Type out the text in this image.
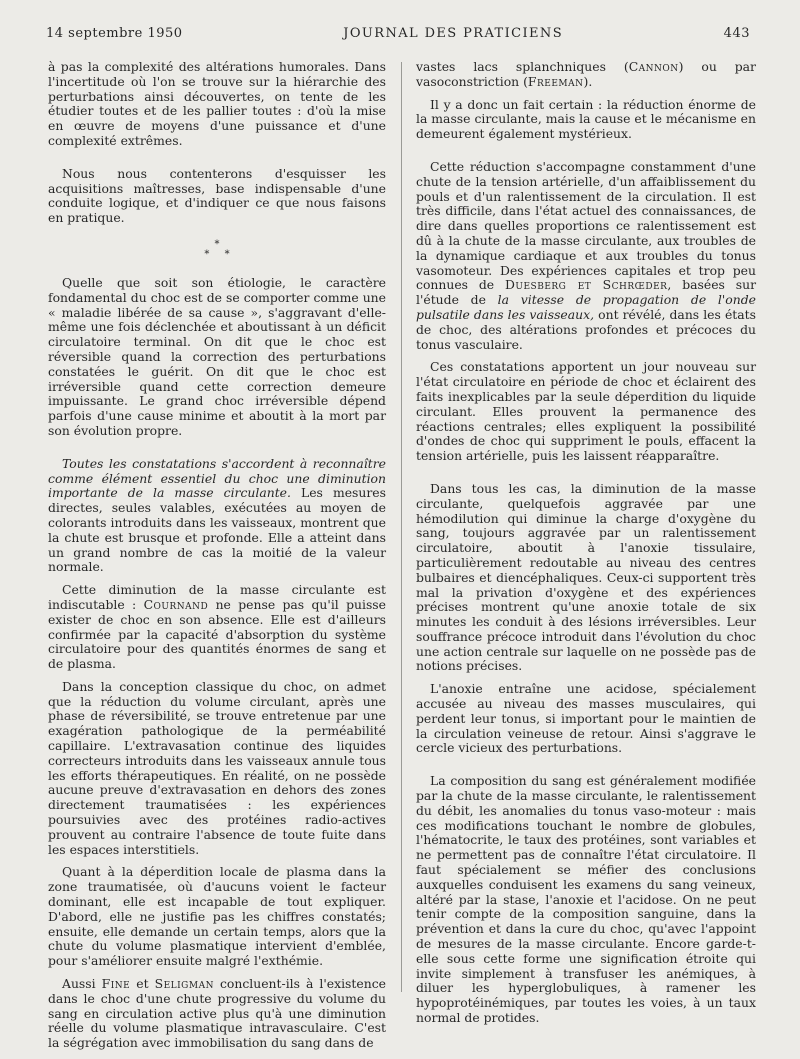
14 septembre 1950	JOURNAL DES PRATICIENS	443

à pas la complexité des altérations humorales. Dans l'incertitude où l'on se trouve sur la hiérarchie des perturbations ainsi découvertes, on tente de les étudier toutes et de les pallier toutes : d'où la mise en œuvre de moyens d'une puissance et d'une complexité extrêmes.

Nous nous contenterons d'esquisser les acquisitions maîtresses, base indispensable d'une conduite logique, et d'indiquer ce que nous faisons en pratique.

*
* *

Quelle que soit son étiologie, le caractère fondamental du choc est de se comporter comme une « maladie libérée de sa cause », s'aggravant d'elle-même une fois déclenchée et aboutissant à un déficit circulatoire terminal. On dit que le choc est réversible quand la correction des perturbations constatées le guérit. On dit que le choc est irréversible quand cette correction demeure impuissante. Le grand choc irréversible dépend parfois d'une cause minime et aboutit à la mort par son évolution propre.

Toutes les constatations s'accordent à reconnaître comme élément essentiel du choc une diminution importante de la masse circulante. Les mesures directes, seules valables, exécutées au moyen de colorants introduits dans les vaisseaux, montrent que la chute est brusque et profonde. Elle a atteint dans un grand nombre de cas la moitié de la valeur normale.

Cette diminution de la masse circulante est indiscutable : Cournand ne pense pas qu'il puisse exister de choc en son absence. Elle est d'ailleurs confirmée par la capacité d'absorption du système circulatoire pour des quantités énormes de sang et de plasma.

Dans la conception classique du choc, on admet que la réduction du volume circulant, après une phase de réversibilité, se trouve entretenue par une exagération pathologique de la perméabilité capillaire. L'extravasation continue des liquides correcteurs introduits dans les vaisseaux annule tous les efforts thérapeutiques. En réalité, on ne possède aucune preuve d'extravasation en dehors des zones directement traumatisées : les expériences poursuivies avec des protéines radio-actives prouvent au contraire l'absence de toute fuite dans les espaces interstitiels.

Quant à la déperdition locale de plasma dans la zone traumatisée, où d'aucuns voient le facteur dominant, elle est incapable de tout expliquer. D'abord, elle ne justifie pas les chiffres constatés; ensuite, elle demande un certain temps, alors que la chute du volume plasmatique intervient d'emblée, pour s'améliorer ensuite malgré l'exthémie.

Aussi Fine et Seligman concluent-ils à l'existence dans le choc d'une chute progressive du volume du sang en circulation active plus qu'à une diminution réelle du volume plasmatique intravasculaire. C'est la ségrégation avec immobilisation du sang dans de

vastes lacs splanchniques (Cannon) ou par vasoconstriction (Freeman).

Il y a donc un fait certain : la réduction énorme de la masse circulante, mais la cause et le mécanisme en demeurent également mystérieux.

Cette réduction s'accompagne constamment d'une chute de la tension artérielle, d'un affaiblissement du pouls et d'un ralentissement de la circulation. Il est très difficile, dans l'état actuel des connaissances, de dire dans quelles proportions ce ralentissement est dû à la chute de la masse circulante, aux troubles de la dynamique cardiaque et aux troubles du tonus vasomoteur. Des expériences capitales et trop peu connues de Duesberg et Schrœder, basées sur l'étude de la vitesse de propagation de l'onde pulsatile dans les vaisseaux, ont révélé, dans les états de choc, des altérations profondes et précoces du tonus vasculaire.

Ces constatations apportent un jour nouveau sur l'état circulatoire en période de choc et éclairent des faits inexplicables par la seule déperdition du liquide circulant. Elles prouvent la permanence des réactions centrales; elles expliquent la possibilité d'ondes de choc qui suppriment le pouls, effacent la tension artérielle, puis les laissent réapparaître.

Dans tous les cas, la diminution de la masse circulante, quelquefois aggravée par une hémodilution qui diminue la charge d'oxygène du sang, toujours aggravée par un ralentissement circulatoire, aboutit à l'anoxie tissulaire, particulièrement redoutable au niveau des centres bulbaires et diencéphaliques. Ceux-ci supportent très mal la privation d'oxygène et des expériences précises montrent qu'une anoxie totale de six minutes les conduit à des lésions irréversibles. Leur souffrance précoce introduit dans l'évolution du choc une action centrale sur laquelle on ne possède pas de notions précises.

L'anoxie entraîne une acidose, spécialement accusée au niveau des masses musculaires, qui perdent leur tonus, si important pour le maintien de la circulation veineuse de retour. Ainsi s'aggrave le cercle vicieux des perturbations.

La composition du sang est généralement modifiée par la chute de la masse circulante, le ralentissement du débit, les anomalies du tonus vaso-moteur : mais ces modifications touchant le nombre de globules, l'hématocrite, le taux des protéines, sont variables et ne permettent pas de connaître l'état circulatoire. Il faut spécialement se méfier des conclusions auxquelles conduisent les examens du sang veineux, altéré par la stase, l'anoxie et l'acidose. On ne peut tenir compte de la composition sanguine, dans la prévention et dans la cure du choc, qu'avec l'appoint de mesures de la masse circulante. Encore garde-t-elle sous cette forme une signification étroite qui invite simplement à transfuser les anémiques, à diluer les hyperglobuliques, à ramener les hypoprotéinémiques, par toutes les voies, à un taux normal de protides.
